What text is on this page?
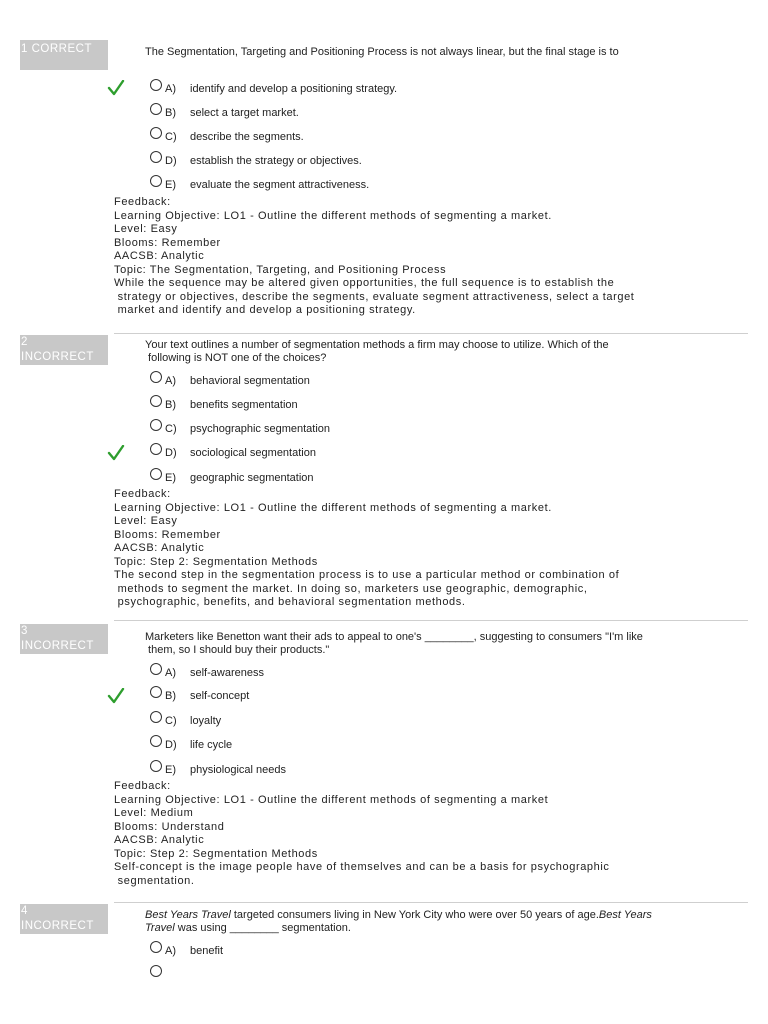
1 CORRECT	The Segmentation, Targeting and Positioning Process is not always linear, but the final stage is to
A)	identify and develop a positioning strategy.
B)	select a target market.
C)	describe the segments.
D)	establish the strategy or objectives.
E)	evaluate the segment attractiveness.
Feedback:
Learning Objective: LO1 - Outline the different methods of segmenting a market.
Level: Easy
Blooms: Remember
AACSB: Analytic
Topic: The Segmentation, Targeting, and Positioning Process
While the sequence may be altered given opportunities, the full sequence is to establish the
strategy or objectives, describe the segments, evaluate segment attractiveness, select a target
market and identify and develop a positioning strategy.
2
INCORRECT
Your text outlines a number of segmentation methods a firm may choose to utilize. Which of the
following is NOT one of the choices?
A)	behavioral segmentation
B)	benefits segmentation
C)	psychographic segmentation
D)	sociological segmentation
E)	geographic segmentation
Feedback:
Learning Objective: LO1 - Outline the different methods of segmenting a market.
Level: Easy
Blooms: Remember
AACSB: Analytic
Topic: Step 2: Segmentation Methods
The second step in the segmentation process is to use a particular method or combination of
methods to segment the market. In doing so, marketers use geographic, demographic,
psychographic, benefits, and behavioral segmentation methods.
3
INCORRECT
Marketers like Benetton want their ads to appeal to one's ________, suggesting to consumers "I'm like
them, so I should buy their products."
A)	self-awareness
B)	self-concept
C)	loyalty
D)	life cycle
E)	physiological needs
Feedback:
Learning Objective: LO1 - Outline the different methods of segmenting a market
Level: Medium
Blooms: Understand
AACSB: Analytic
Topic: Step 2: Segmentation Methods
Self-concept is the image people have of themselves and can be a basis for psychographic
segmentation.
4
INCORRECT
Best Years Travel targeted consumers living in New York City who were over 50 years of age.Best Years
Travel was using ________ segmentation.
A)	benefit
